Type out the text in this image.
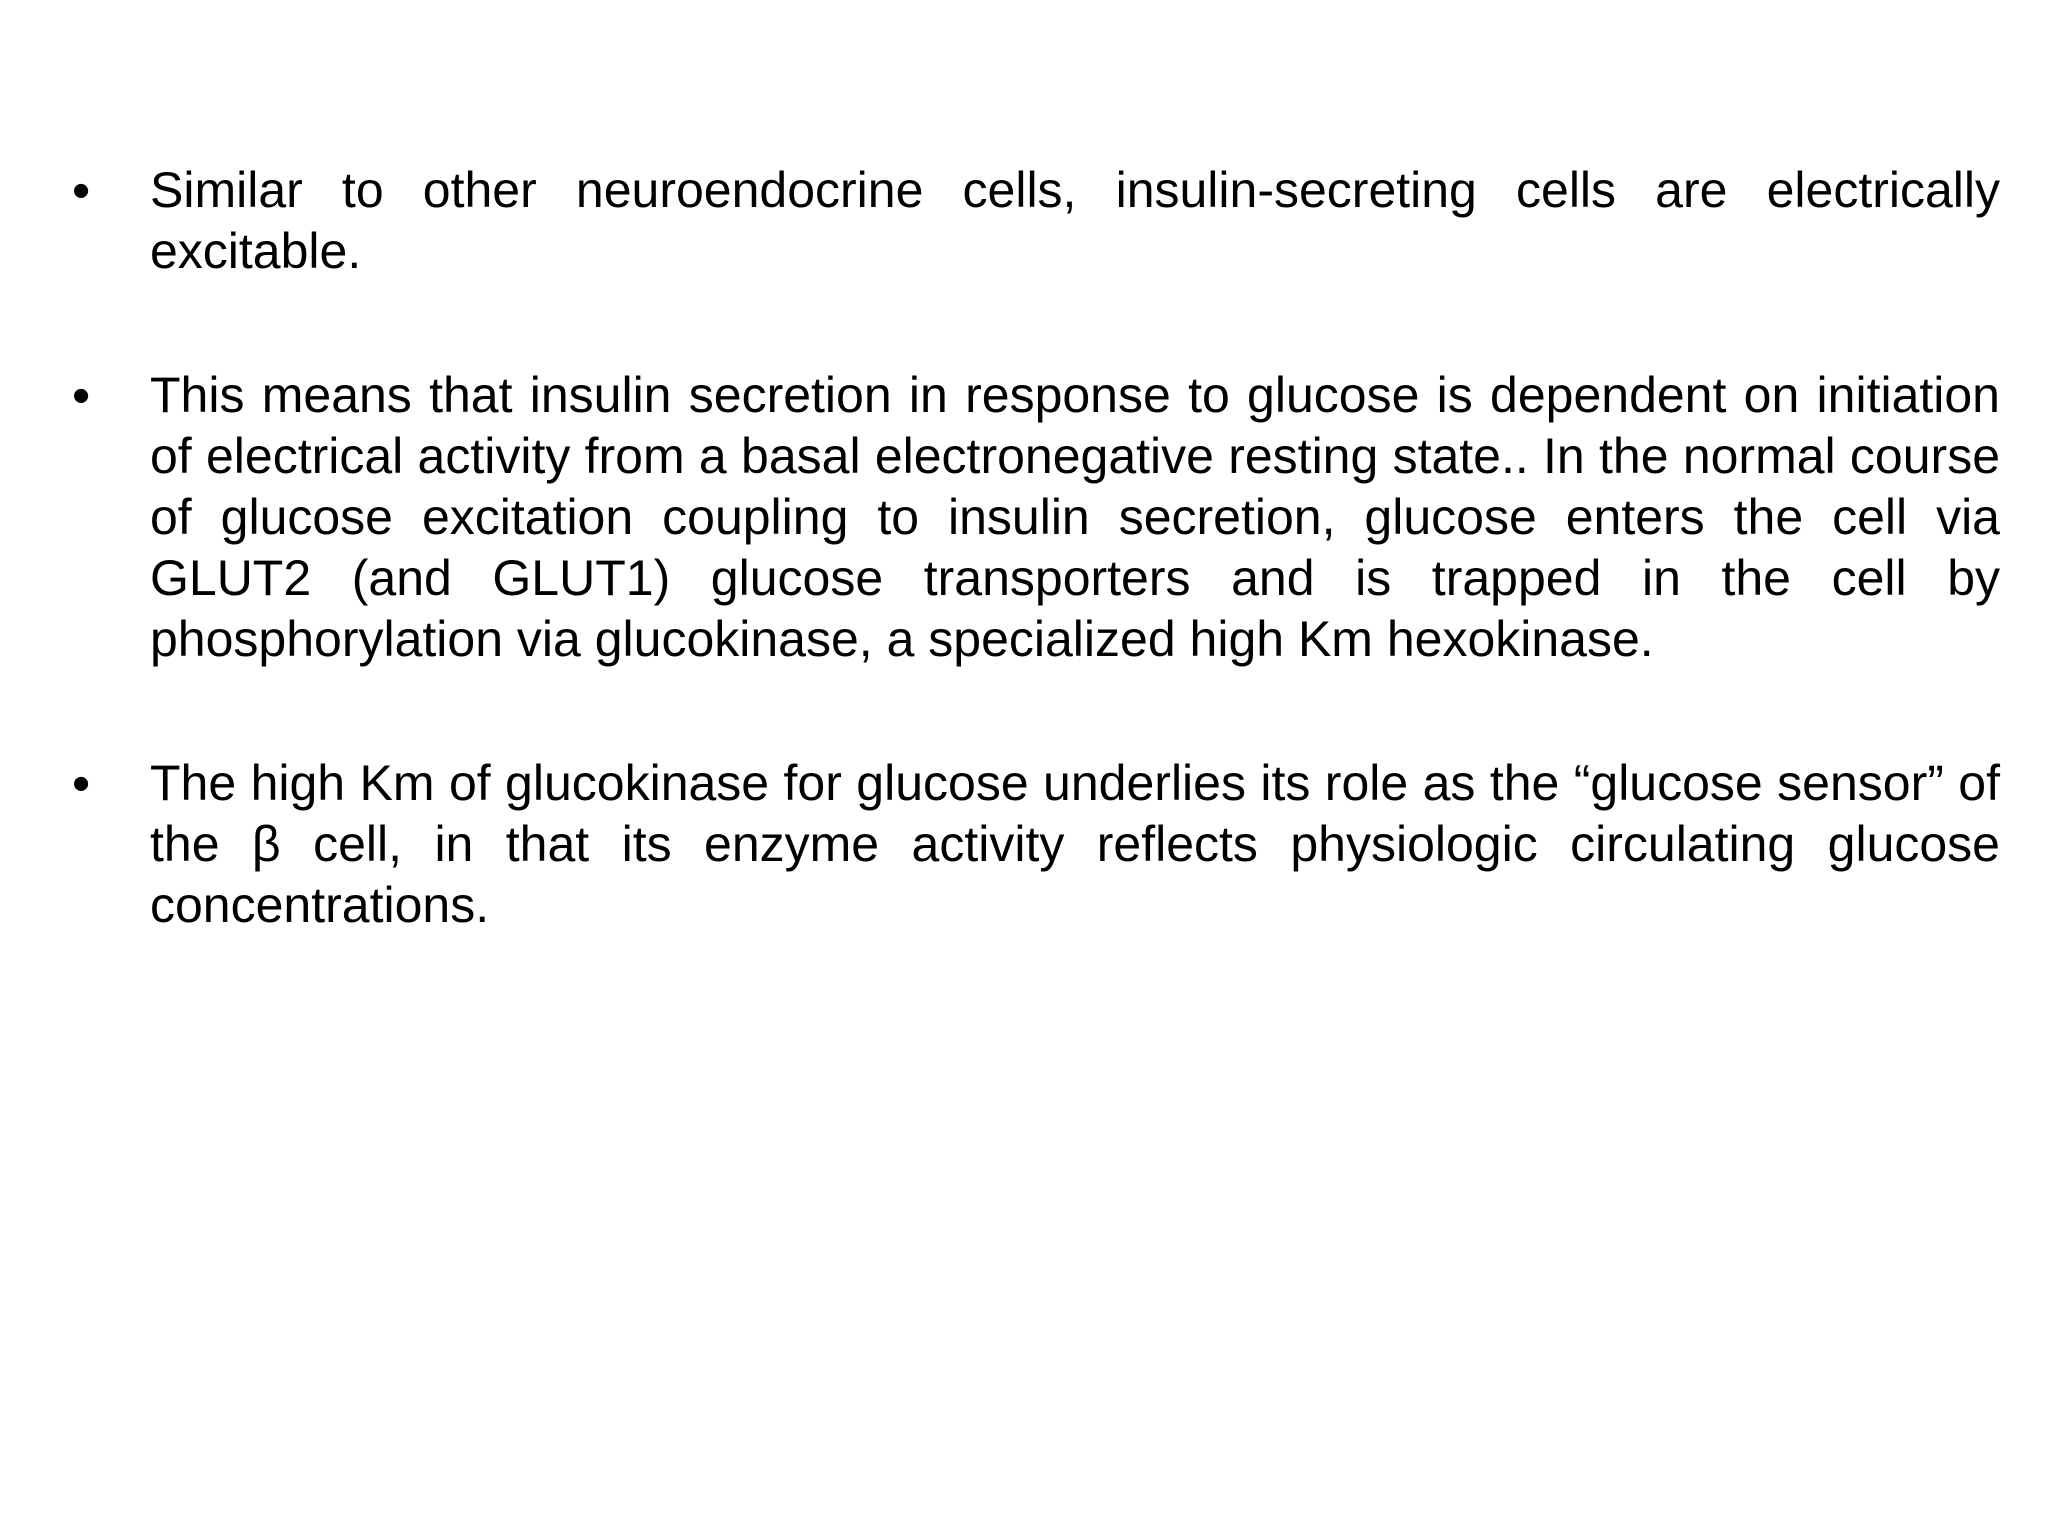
•	Similar to other neuroendocrine cells, insulin-secreting cells are electrically excitable.

•	This means that insulin secretion in response to glucose is dependent on initiation of electrical activity from a basal electronegative resting state.. In the normal course of glucose excitation coupling to insulin secretion, glucose enters the cell via GLUT2 (and GLUT1) glucose transporters and is trapped in the cell by phosphorylation via glucokinase, a specialized high Km hexokinase.

•	The high Km of glucokinase for glucose underlies its role as the “glucose sensor” of the β cell, in that its enzyme activity reflects physiologic circulating glucose concentrations.
